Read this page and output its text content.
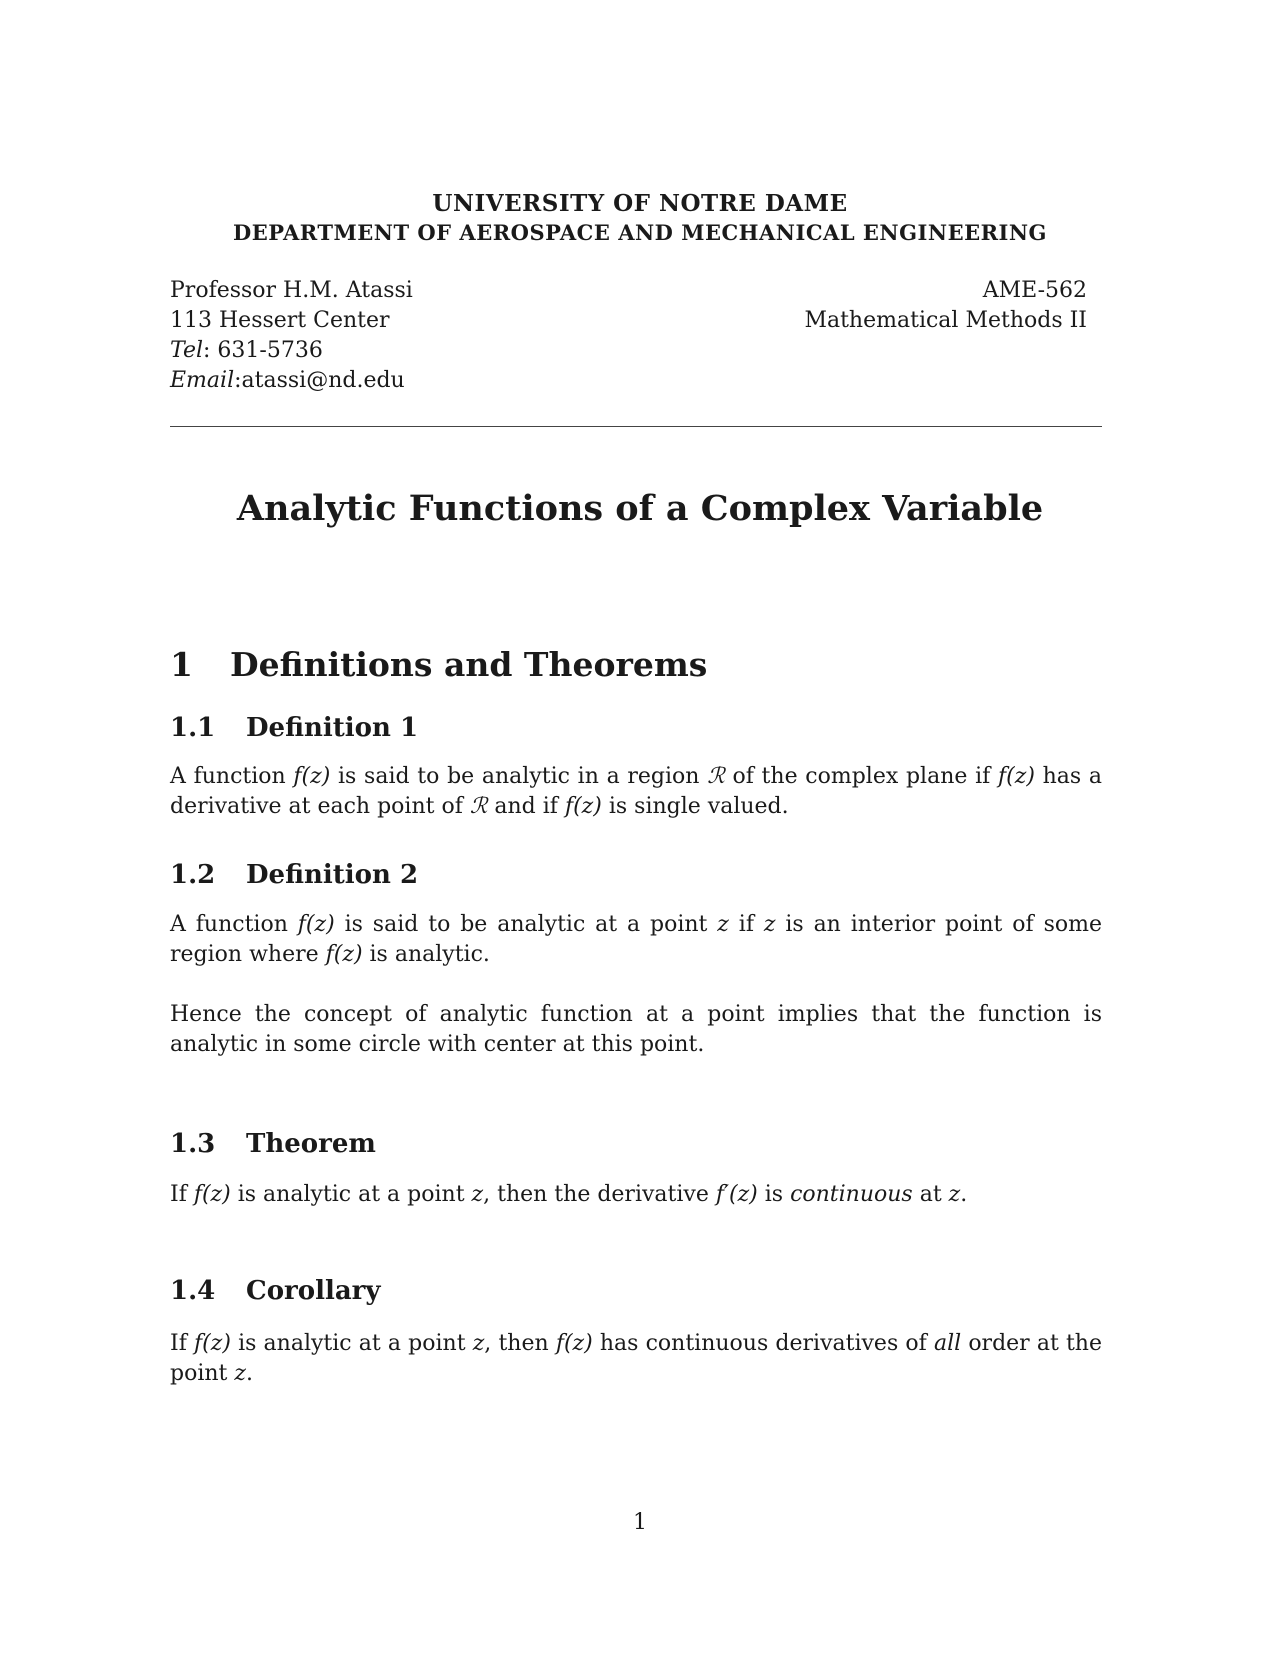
UNIVERSITY OF NOTRE DAME
DEPARTMENT OF AEROSPACE AND MECHANICAL ENGINEERING
Professor H.M. Atassi
113 Hessert Center
Tel: 631-5736
Email:atassi@nd.edu
AME-562
Mathematical Methods II
Analytic Functions of a Complex Variable
1 Definitions and Theorems
1.1 Definition 1

A function f(z) is said to be analytic in a region ℛ of the complex plane if f(z) has a derivative at each point of ℛ and if f(z) is single valued.

1.2 Definition 2

A function f(z) is said to be analytic at a point z if z is an interior point of some region where f(z) is analytic.

Hence the concept of analytic function at a point implies that the function is analytic in some circle with center at this point.

1.3 Theorem

If f(z) is analytic at a point z, then the derivative f′(z) is continuous at z.

1.4 Corollary

If f(z) is analytic at a point z, then f(z) has continuous derivatives of all order at the point z.

1
